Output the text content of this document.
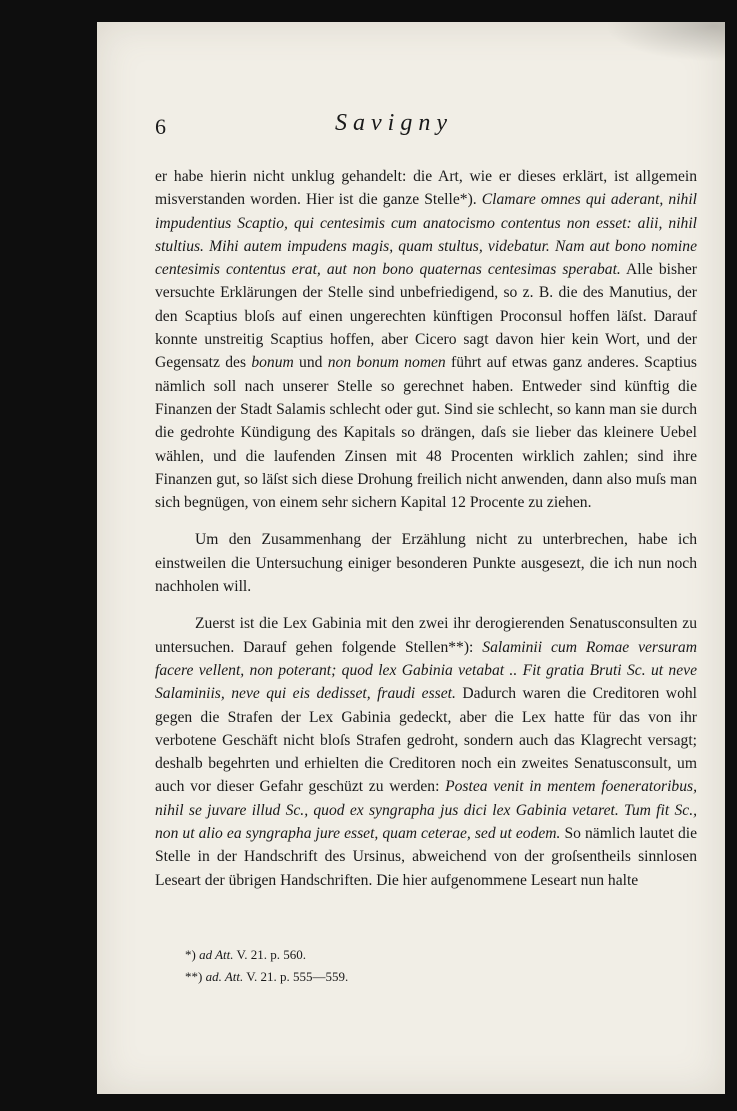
6	Savigny

er habe hierin nicht unklug gehandelt: die Art, wie er dieses erklärt, ist allgemein misverstanden worden. Hier ist die ganze Stelle*). Clamare omnes qui aderant, nihil impudentius Scaptio, qui centesimis cum anatocismo contentus non esset: alii, nihil stultius. Mihi autem impudens magis, quam stultus, videbatur. Nam aut bono nomine centesimis contentus erat, aut non bono quaternas centesimas sperabat. Alle bisher versuchte Erklärungen der Stelle sind unbefriedigend, so z. B. die des Manutius, der den Scaptius bloſs auf einen ungerechten künftigen Proconsul hoffen läſst. Darauf konnte unstreitig Scaptius hoffen, aber Cicero sagt davon hier kein Wort, und der Gegensatz des bonum und non bonum nomen führt auf etwas ganz anderes. Scaptius nämlich soll nach unserer Stelle so gerechnet haben. Entweder sind künftig die Finanzen der Stadt Salamis schlecht oder gut. Sind sie schlecht, so kann man sie durch die gedrohte Kündigung des Kapitals so drängen, daſs sie lieber das kleinere Uebel wählen, und die laufenden Zinsen mit 48 Procenten wirklich zahlen; sind ihre Finanzen gut, so läſst sich diese Drohung freilich nicht anwenden, dann also muſs man sich begnügen, von einem sehr sichern Kapital 12 Procente zu ziehen.

Um den Zusammenhang der Erzählung nicht zu unterbrechen, habe ich einstweilen die Untersuchung einiger besonderen Punkte ausgesezt, die ich nun noch nachholen will.

Zuerst ist die Lex Gabinia mit den zwei ihr derogierenden Senatusconsulten zu untersuchen. Darauf gehen folgende Stellen**): Salaminii cum Romae versuram facere vellent, non poterant; quod lex Gabinia vetabat .. Fit gratia Bruti Sc. ut neve Salaminiis, neve qui eis dedisset, fraudi esset. Dadurch waren die Creditoren wohl gegen die Strafen der Lex Gabinia gedeckt, aber die Lex hatte für das von ihr verbotene Geschäft nicht bloſs Strafen gedroht, sondern auch das Klagrecht versagt; deshalb begehrten und erhielten die Creditoren noch ein zweites Senatusconsult, um auch vor dieser Gefahr geschüzt zu werden: Postea venit in mentem foeneratoribus, nihil se juvare illud Sc., quod ex syngrapha jus dici lex Gabinia vetaret. Tum fit Sc., non ut alio ea syngrapha jure esset, quam ceterae, sed ut eodem. So nämlich lautet die Stelle in der Handschrift des Ursinus, abweichend von der groſsentheils sinnlosen Leseart der übrigen Handschriften. Die hier aufgenommene Leseart nun halte

*) ad Att. V. 21. p. 560.
**) ad. Att. V. 21. p. 555—559.
